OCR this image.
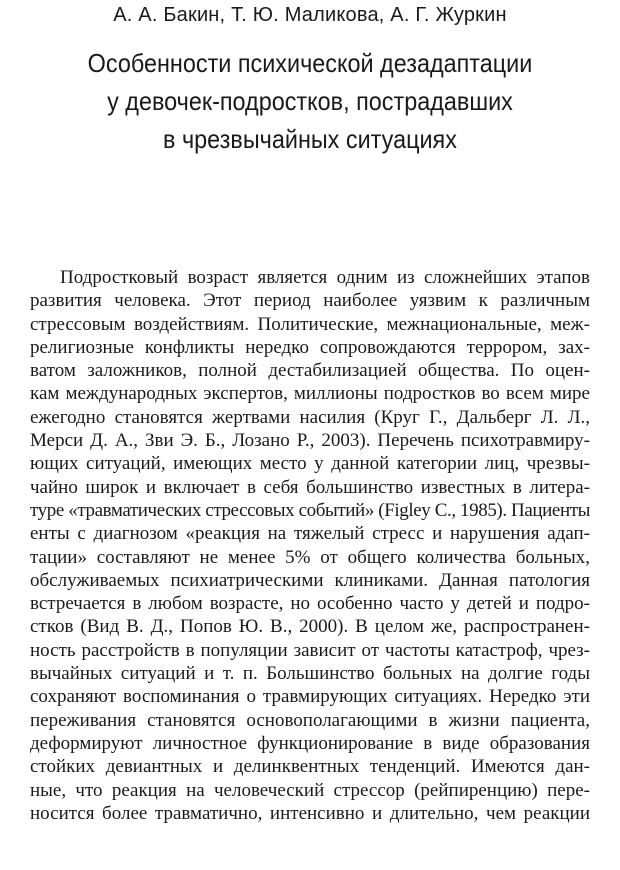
А. А. Бакин, Т. Ю. Маликова, А. Г. Журкин
Особенности психической дезадаптации
у девочек-подростков, пострадавших
в чрезвычайных ситуациях
Подростковый возраст является одним из сложнейших этапов
развития человека. Этот период наиболее уязвим к различным
стрессовым воздействиям. Политические, межнациональные, меж-
религиозные конфликты нередко сопровождаются террором, зах-
ватом заложников, полной дестабилизацией общества. По оцен-
кам международных экспертов, миллионы подростков во всем мире
ежегодно становятся жертвами насилия (Круг Г., Дальберг Л. Л.,
Мерси Д. А., Зви Э. Б., Лозано Р., 2003). Перечень психотравмиру-
ющих ситуаций, имеющих место у данной категории лиц, чрезвы-
чайно широк и включает в себя большинство известных в литера-
туре «травматических стрессовых событий» (Figley C., 1985). Пациенты
енты с диагнозом «реакция на тяжелый стресс и нарушения адап-
тации» составляют не менее 5% от общего количества больных,
обслуживаемых психиатрическими клиниками. Данная патология
встречается в любом возрасте, но особенно часто у детей и подро-
стков (Вид В. Д., Попов Ю. В., 2000). В целом же, распространен-
ность расстройств в популяции зависит от частоты катастроф, чрез-
вычайных ситуаций и т. п. Большинство больных на долгие годы
сохраняют воспоминания о травмирующих ситуациях. Нередко эти
переживания становятся основополагающими в жизни пациента,
деформируют личностное функционирование в виде образования
стойких девиантных и делинквентных тенденций. Имеются дан-
ные, что реакция на человеческий стрессор (рейпиренцию) пере-
носится более травматично, интенсивно и длительно, чем реакции
